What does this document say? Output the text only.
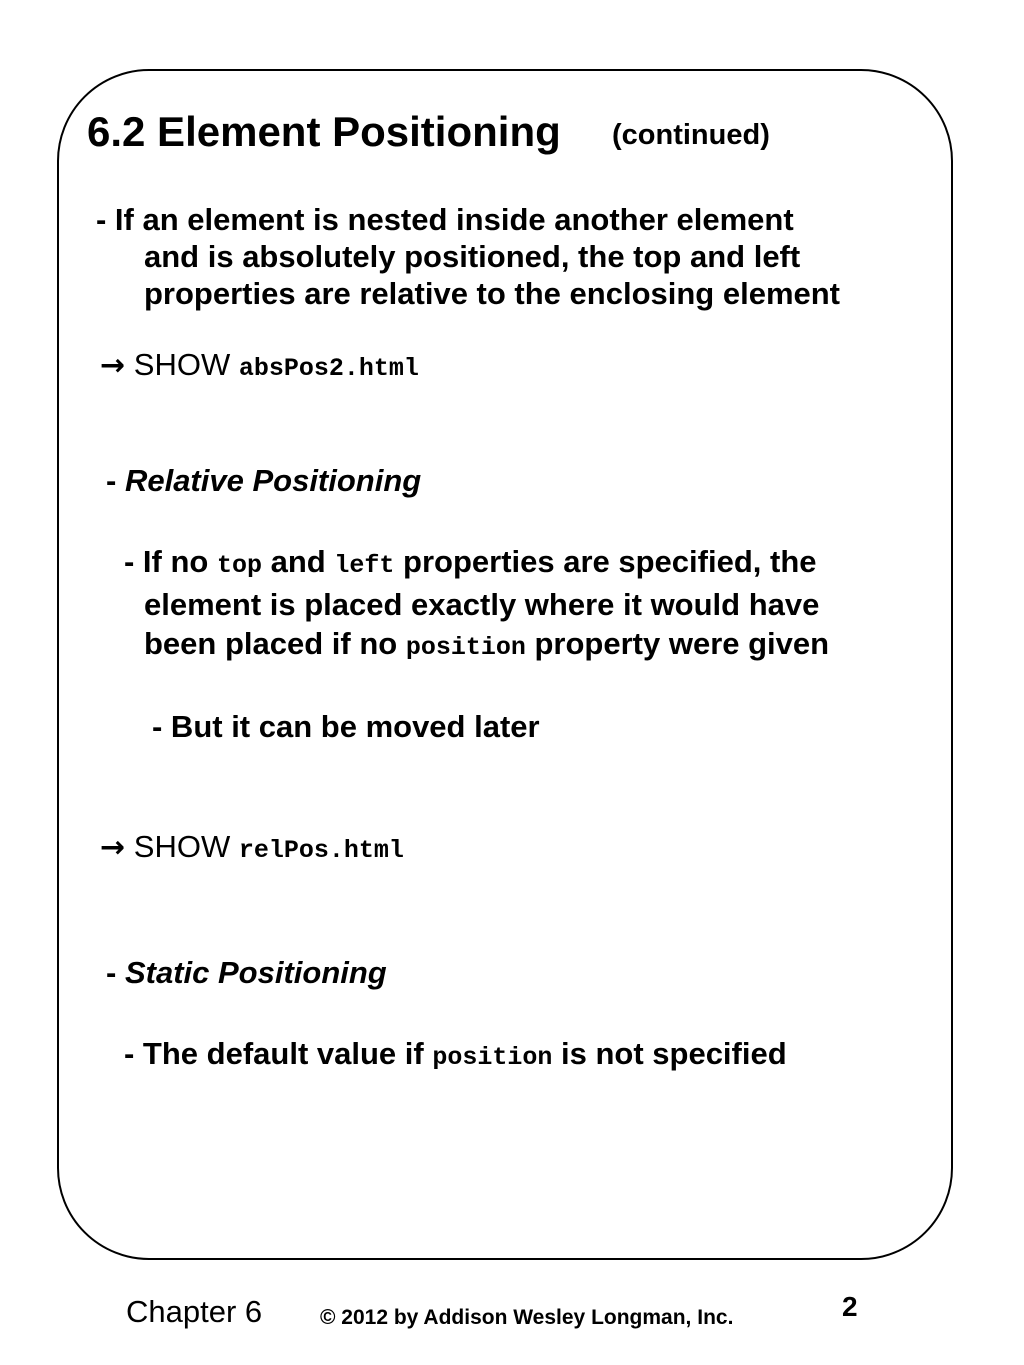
6.2 Element Positioning (continued)
- If an element is nested inside another element
and is absolutely positioned, the top and left
properties are relative to the enclosing element
→ SHOW absPos2.html
- Relative Positioning
- If no top and left properties are specified, the
element is placed exactly where it would have
been placed if no position property were given
- But it can be moved later
→ SHOW relPos.html
- Static Positioning
- The default value if position is not specified
Chapter 6	© 2012 by Addison Wesley Longman, Inc.	2
